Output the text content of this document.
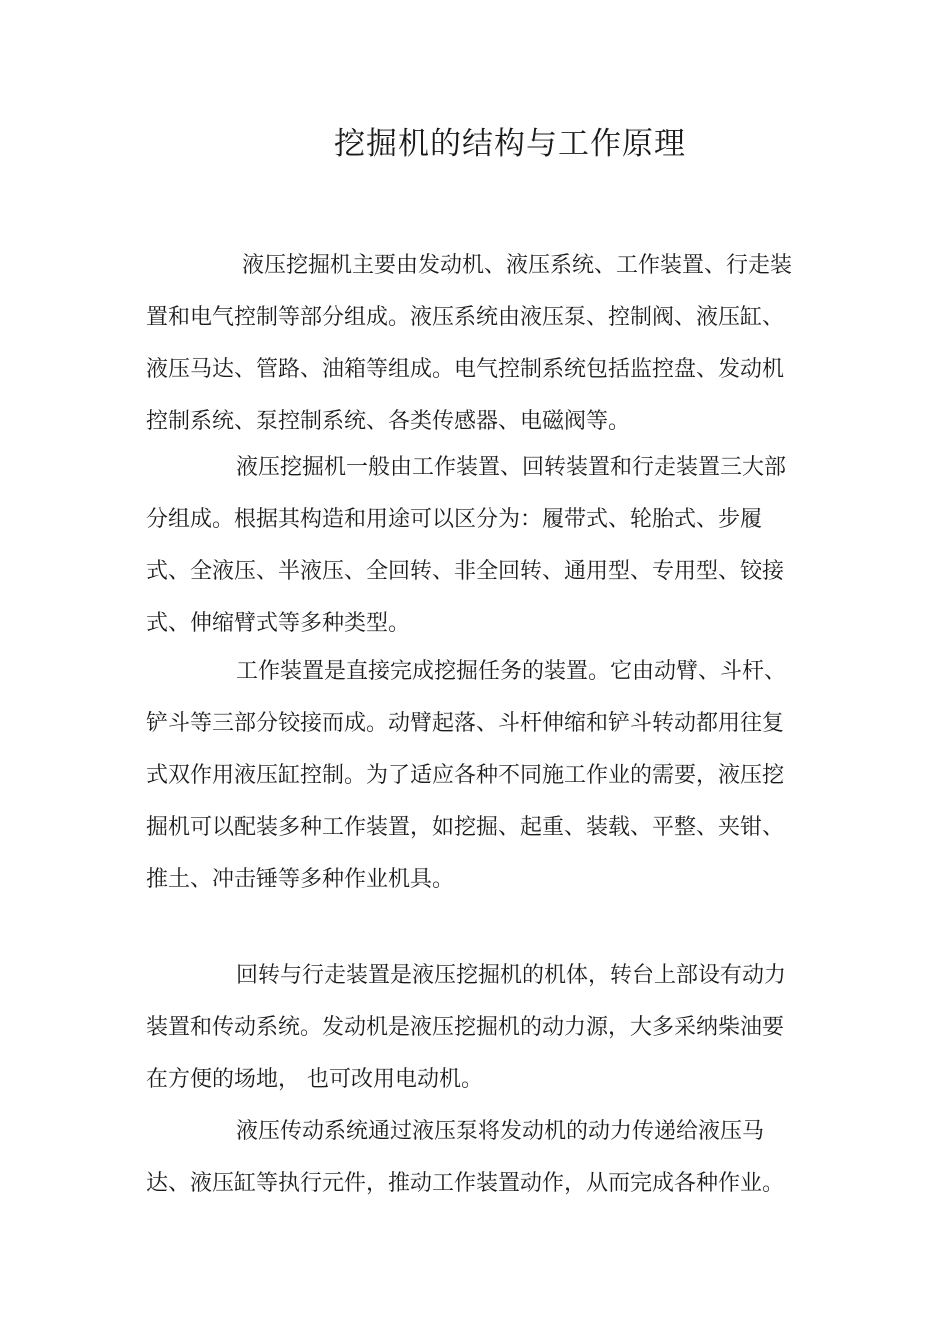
挖掘机的结构与工作原理
液压挖掘机主要由发动机、液压系统、工作装置、行走装
置和电气控制等部分组成。液压系统由液压泵、控制阀、液压缸、
液压马达、管路、油箱等组成。电气控制系统包括监控盘、发动机
控制系统、泵控制系统、各类传感器、电磁阀等。
液压挖掘机一般由工作装置、回转装置和行走装置三大部
分组成。根据其构造和用途可以区分为：履带式、轮胎式、步履
式、全液压、半液压、全回转、非全回转、通用型、专用型、铰接
式、伸缩臂式等多种类型。
工作装置是直接完成挖掘任务的装置。它由动臂、斗杆、
铲斗等三部分铰接而成。动臂起落、斗杆伸缩和铲斗转动都用往复
式双作用液压缸控制。为了适应各种不同施工作业的需要，液压挖
掘机可以配装多种工作装置，如挖掘、起重、装载、平整、夹钳、
推土、冲击锤等多种作业机具。
回转与行走装置是液压挖掘机的机体，转台上部设有动力
装置和传动系统。发动机是液压挖掘机的动力源，大多采纳柴油要
在方便的场地， 也可改用电动机。
液压传动系统通过液压泵将发动机的动力传递给液压马
达、液压缸等执行元件，推动工作装置动作，从而完成各种作业。
